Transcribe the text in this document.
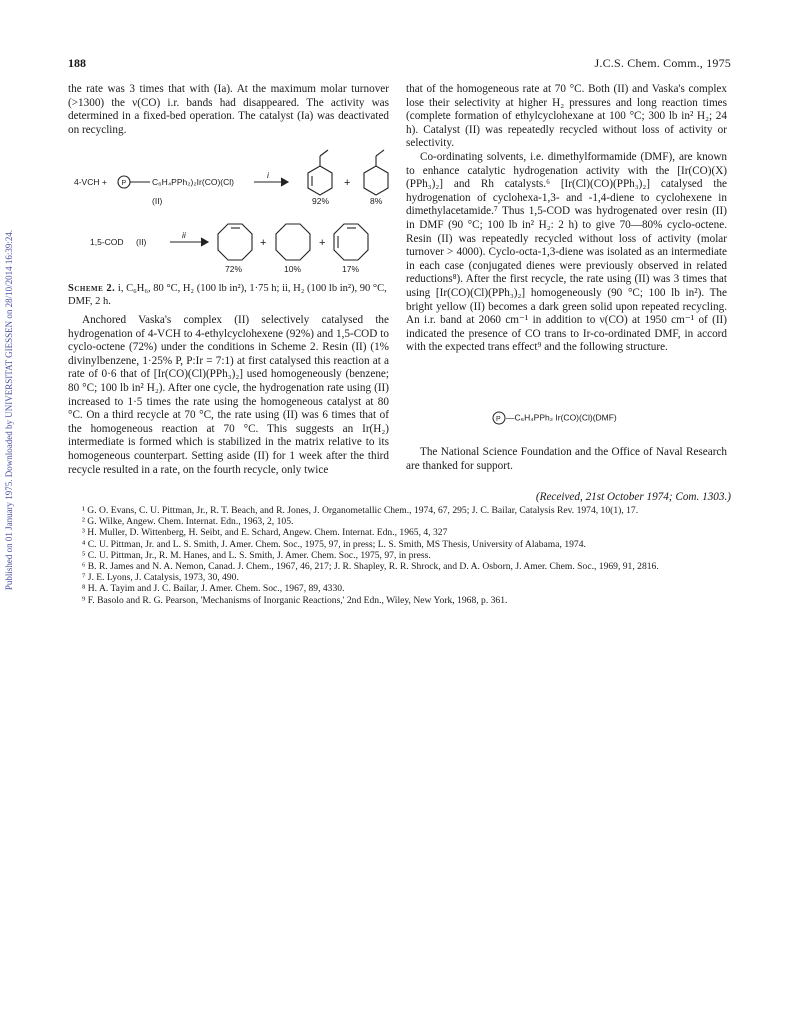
Published on 01 January 1975. Downloaded by UNIVERSITAT GIESSEN on 28/10/2014 16:39:24.
188	J.C.S. Chem. Comm., 1975

the rate was 3 times that with (Ia). At the maximum molar turnover (>1300) the ν(CO) i.r. bands had disappeared. The activity was determined in a fixed-bed operation. The catalyst (Ia) was deactivated on recycling.

4-VCH + P	C₆H₄PPh₂)₂Ir(CO)(Cl)
(II)
i
+
92%	8%
1,5-COD (II)
ii
+	+
72%	10%	17%
Scheme 2. i, C₆H₆, 80 °C, H₂ (100 lb in²), 1·75 h; ii, H₂ (100 lb in²), 90 °C, DMF, 2 h.

Anchored Vaska's complex (II) selectively catalysed the hydrogenation of 4-VCH to 4-ethylcyclohexene (92%) and 1,5-COD to cyclo-octene (72%) under the conditions in Scheme 2. Resin (II) (1% divinylbenzene, 1·25% P, P:Ir = 7:1) at first catalysed this reaction at a rate of 0·6 that of [Ir(CO)(Cl)(PPh₃)₂] used homogeneously (benzene; 80 °C; 100 lb in² H₂). After one cycle, the hydrogenation rate using (II) increased to 1·5 times the rate using the homogeneous catalyst at 80 °C. On a third recycle at 70 °C, the rate using (II) was 6 times that of the homogeneous reaction at 70 °C. This suggests an Ir(H₂) intermediate is formed which is stabilized in the matrix relative to its homogeneous counterpart. Setting aside (II) for 1 week after the third recycle resulted in a rate, on the fourth recycle, only twice

that of the homogeneous rate at 70 °C. Both (II) and Vaska's complex lose their selectivity at higher H₂ pressures and long reaction times (complete formation of ethylcyclohexane at 100 °C; 300 lb in² H₂; 24 h). Catalyst (II) was repeatedly recycled without loss of activity or selectivity.

Co-ordinating solvents, i.e. dimethylformamide (DMF), are known to enhance catalytic hydrogenation activity with the [Ir(CO)(X)(PPh₃)₂] and Rh catalysts.⁶ [Ir(Cl)(CO)(PPh₃)₂] catalysed the hydrogenation of cyclohexa-1,3- and -1,4-diene to cyclohexene in dimethylacetamide.⁷ Thus 1,5-COD was hydrogenated over resin (II) in DMF (90 °C; 100 lb in² H₂: 2 h) to give 70—80% cyclo-octene. Resin (II) was repeatedly recycled without loss of activity (molar turnover > 4000). Cyclo-octa-1,3-diene was isolated as an intermediate in each case (conjugated dienes were previously observed in related reductions⁸). After the first recycle, the rate using (II) was 3 times that using [Ir(CO)(Cl)(PPh₃)₂] homogeneously (90 °C; 100 lb in²). The bright yellow (II) becomes a dark green solid upon repeated recycling. An i.r. band at 2060 cm⁻¹ in addition to ν(CO) at 1950 cm⁻¹ of (II) indicated the presence of CO trans to Ir-co-ordinated DMF, in accord with the expected trans effect⁹ and the following structure.

P —C₆H₄PPh₂ Ir(CO)(Cl)(DMF)

The National Science Foundation and the Office of Naval Research are thanked for support.

(Received, 21st October 1974; Com. 1303.)
¹ G. O. Evans, C. U. Pittman, Jr., R. T. Beach, and R. Jones, J. Organometallic Chem., 1974, 67, 295; J. C. Bailar, Catalysis Rev. 1974, 10(1), 17.
² G. Wilke, Angew. Chem. Internat. Edn., 1963, 2, 105.
³ H. Muller, D. Wittenberg, H. Seibt, and E. Schard, Angew. Chem. Internat. Edn., 1965, 4, 327
⁴ C. U. Pittman, Jr. and L. S. Smith, J. Amer. Chem. Soc., 1975, 97, in press; L. S. Smith, MS Thesis, University of Alabama, 1974.
⁵ C. U. Pittman, Jr., R. M. Hanes, and L. S. Smith, J. Amer. Chem. Soc., 1975, 97, in press.
⁶ B. R. James and N. A. Nemon, Canad. J. Chem., 1967, 46, 217; J. R. Shapley, R. R. Shrock, and D. A. Osborn, J. Amer. Chem. Soc., 1969, 91, 2816.
⁷ J. E. Lyons, J. Catalysis, 1973, 30, 490.
⁸ H. A. Tayim and J. C. Bailar, J. Amer. Chem. Soc., 1967, 89, 4330.
⁹ F. Basolo and R. G. Pearson, 'Mechanisms of Inorganic Reactions,' 2nd Edn., Wiley, New York, 1968, p. 361.
